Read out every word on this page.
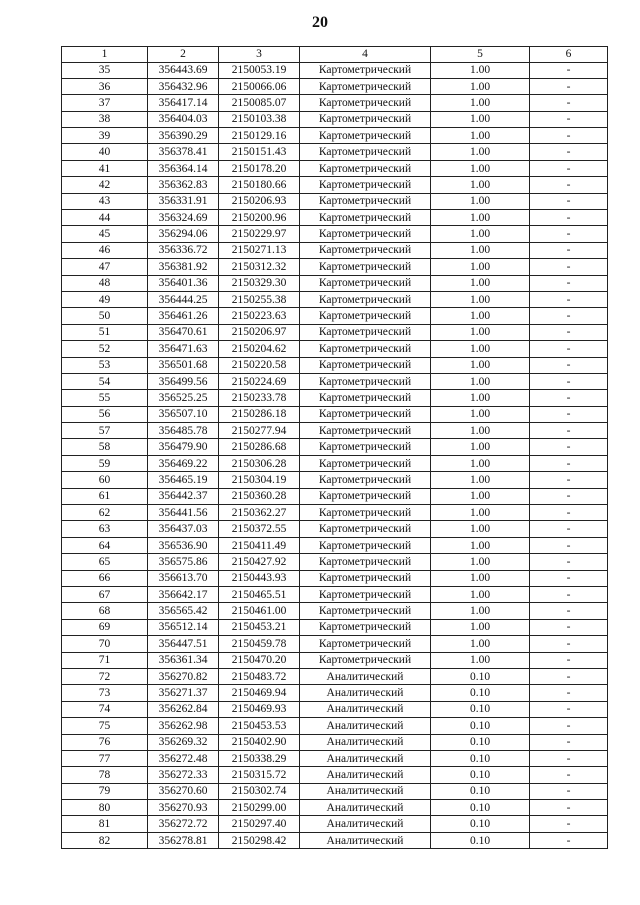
20
1	2	3	4	5	6
35	356443.69	2150053.19	Картометрический	1.00	-
36	356432.96	2150066.06	Картометрический	1.00	-
37	356417.14	2150085.07	Картометрический	1.00	-
38	356404.03	2150103.38	Картометрический	1.00	-
39	356390.29	2150129.16	Картометрический	1.00	-
40	356378.41	2150151.43	Картометрический	1.00	-
41	356364.14	2150178.20	Картометрический	1.00	-
42	356362.83	2150180.66	Картометрический	1.00	-
43	356331.91	2150206.93	Картометрический	1.00	-
44	356324.69	2150200.96	Картометрический	1.00	-
45	356294.06	2150229.97	Картометрический	1.00	-
46	356336.72	2150271.13	Картометрический	1.00	-
47	356381.92	2150312.32	Картометрический	1.00	-
48	356401.36	2150329.30	Картометрический	1.00	-
49	356444.25	2150255.38	Картометрический	1.00	-
50	356461.26	2150223.63	Картометрический	1.00	-
51	356470.61	2150206.97	Картометрический	1.00	-
52	356471.63	2150204.62	Картометрический	1.00	-
53	356501.68	2150220.58	Картометрический	1.00	-
54	356499.56	2150224.69	Картометрический	1.00	-
55	356525.25	2150233.78	Картометрический	1.00	-
56	356507.10	2150286.18	Картометрический	1.00	-
57	356485.78	2150277.94	Картометрический	1.00	-
58	356479.90	2150286.68	Картометрический	1.00	-
59	356469.22	2150306.28	Картометрический	1.00	-
60	356465.19	2150304.19	Картометрический	1.00	-
61	356442.37	2150360.28	Картометрический	1.00	-
62	356441.56	2150362.27	Картометрический	1.00	-
63	356437.03	2150372.55	Картометрический	1.00	-
64	356536.90	2150411.49	Картометрический	1.00	-
65	356575.86	2150427.92	Картометрический	1.00	-
66	356613.70	2150443.93	Картометрический	1.00	-
67	356642.17	2150465.51	Картометрический	1.00	-
68	356565.42	2150461.00	Картометрический	1.00	-
69	356512.14	2150453.21	Картометрический	1.00	-
70	356447.51	2150459.78	Картометрический	1.00	-
71	356361.34	2150470.20	Картометрический	1.00	-
72	356270.82	2150483.72	Аналитический	0.10	-
73	356271.37	2150469.94	Аналитический	0.10	-
74	356262.84	2150469.93	Аналитический	0.10	-
75	356262.98	2150453.53	Аналитический	0.10	-
76	356269.32	2150402.90	Аналитический	0.10	-
77	356272.48	2150338.29	Аналитический	0.10	-
78	356272.33	2150315.72	Аналитический	0.10	-
79	356270.60	2150302.74	Аналитический	0.10	-
80	356270.93	2150299.00	Аналитический	0.10	-
81	356272.72	2150297.40	Аналитический	0.10	-
82	356278.81	2150298.42	Аналитический	0.10	-
